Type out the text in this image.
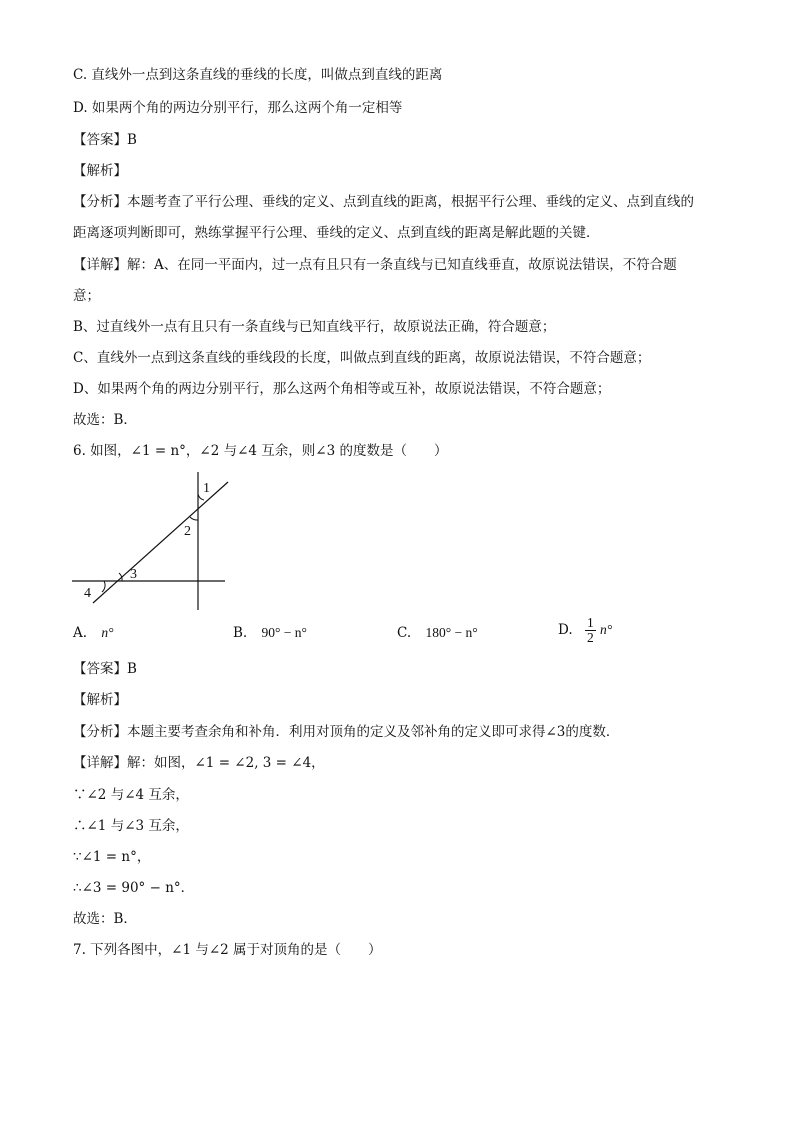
C. 直线外一点到这条直线的垂线的长度，叫做点到直线的距离
D. 如果两个角的两边分别平行，那么这两个角一定相等
【答案】B
【解析】
【分析】本题考查了平行公理、垂线的定义、点到直线的距离，根据平行公理、垂线的定义、点到直线的
距离逐项判断即可，熟练掌握平行公理、垂线的定义、点到直线的距离是解此题的关键．
【详解】解：A、在同一平面内，过一点有且只有一条直线与已知直线垂直，故原说法错误，不符合题
意；
B、过直线外一点有且只有一条直线与已知直线平行，故原说法正确，符合题意；
C、直线外一点到这条直线的垂线段的长度，叫做点到直线的距离，故原说法错误，不符合题意；
D、如果两个角的两边分别平行，那么这两个角相等或互补，故原说法错误，不符合题意；
故选：B．
6. 如图，∠1 = n°，∠2 与∠4 互余，则∠3 的度数是（　　）
1
2
3
4
A. n°	B. 90° − n°	C. 180° − n°	D. $\frac{1}{2} n^\circ$
【答案】B
【解析】
【分析】本题主要考查余角和补角．利用对顶角的定义及邻补角的定义即可求得∠3的度数．
【详解】解：如图，∠1 = ∠2, 3 = ∠4，
∵∠2 与∠4 互余，
∴∠1 与∠3 互余，
∵∠1 = n°，
∴∠3 = 90° − n°．
故选：B．
7. 下列各图中，∠1 与∠2 属于对顶角的是（　　）
